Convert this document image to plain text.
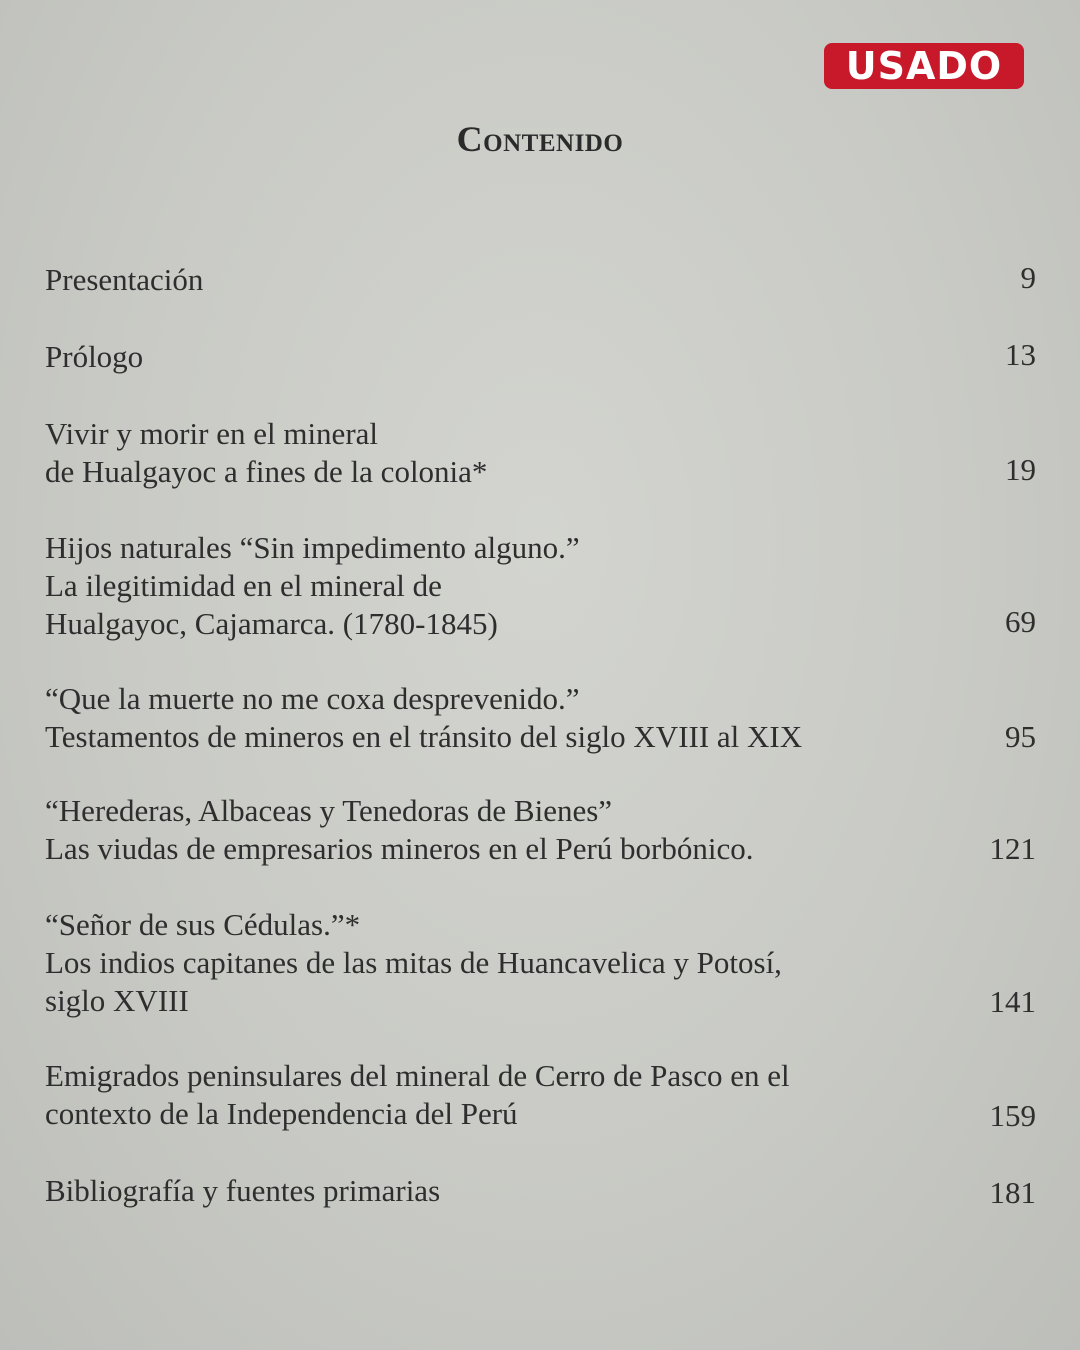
USADO
Contenido
Presentación	9
Prólogo	13
Vivir y morir en el mineral
de Hualgayoc a fines de la colonia*	19
Hijos naturales “Sin impedimento alguno.”
La ilegitimidad en el mineral de
Hualgayoc, Cajamarca. (1780-1845)	69
“Que la muerte no me coxa desprevenido.”
Testamentos de mineros en el tránsito del siglo XVIII al XIX	95
“Herederas, Albaceas y Tenedoras de Bienes”
Las viudas de empresarios mineros en el Perú borbónico.	121
“Señor de sus Cédulas.”*
Los indios capitanes de las mitas de Huancavelica y Potosí,
siglo XVIII	141
Emigrados peninsulares del mineral de Cerro de Pasco en el
contexto de la Independencia del Perú	159
Bibliografía y fuentes primarias	181
